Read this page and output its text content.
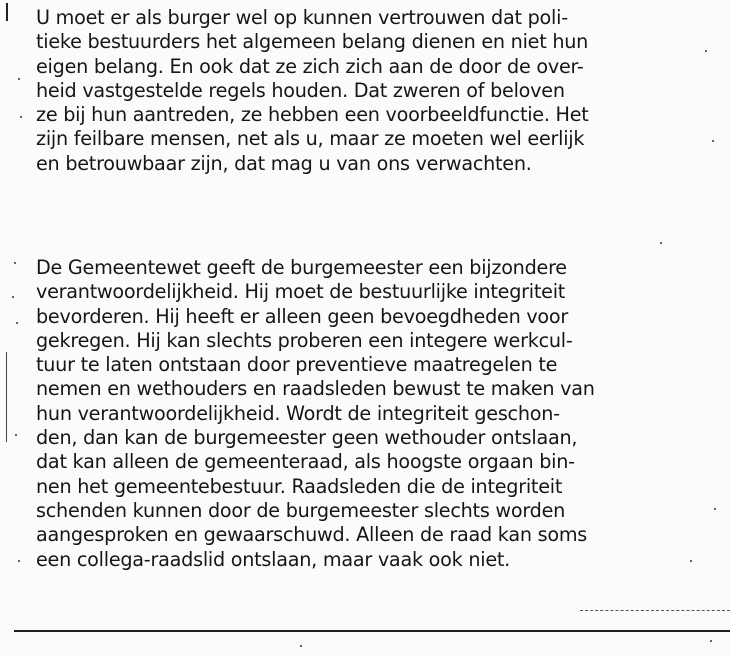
U moet er als burger wel op kunnen vertrouwen dat poli-
tieke bestuurders het algemeen belang dienen en niet hun
eigen belang. En ook dat ze zich zich aan de door de over-
heid vastgestelde regels houden. Dat zweren of beloven
ze bij hun aantreden, ze hebben een voorbeeldfunctie. Het
zijn feilbare mensen, net als u, maar ze moeten wel eerlijk
en betrouwbaar zijn, dat mag u van ons verwachten.
De Gemeentewet geeft de burgemeester een bijzondere
verantwoordelijkheid. Hij moet de bestuurlijke integriteit
bevorderen. Hij heeft er alleen geen bevoegdheden voor
gekregen. Hij kan slechts proberen een integere werkcul-
tuur te laten ontstaan door preventieve maatregelen te
nemen en wethouders en raadsleden bewust te maken van
hun verantwoordelijkheid. Wordt de integriteit geschon-
den, dan kan de burgemeester geen wethouder ontslaan,
dat kan alleen de gemeenteraad, als hoogste orgaan bin-
nen het gemeentebestuur. Raadsleden die de integriteit
schenden kunnen door de burgemeester slechts worden
aangesproken en gewaarschuwd. Alleen de raad kan soms
een collega-raadslid ontslaan, maar vaak ook niet.
